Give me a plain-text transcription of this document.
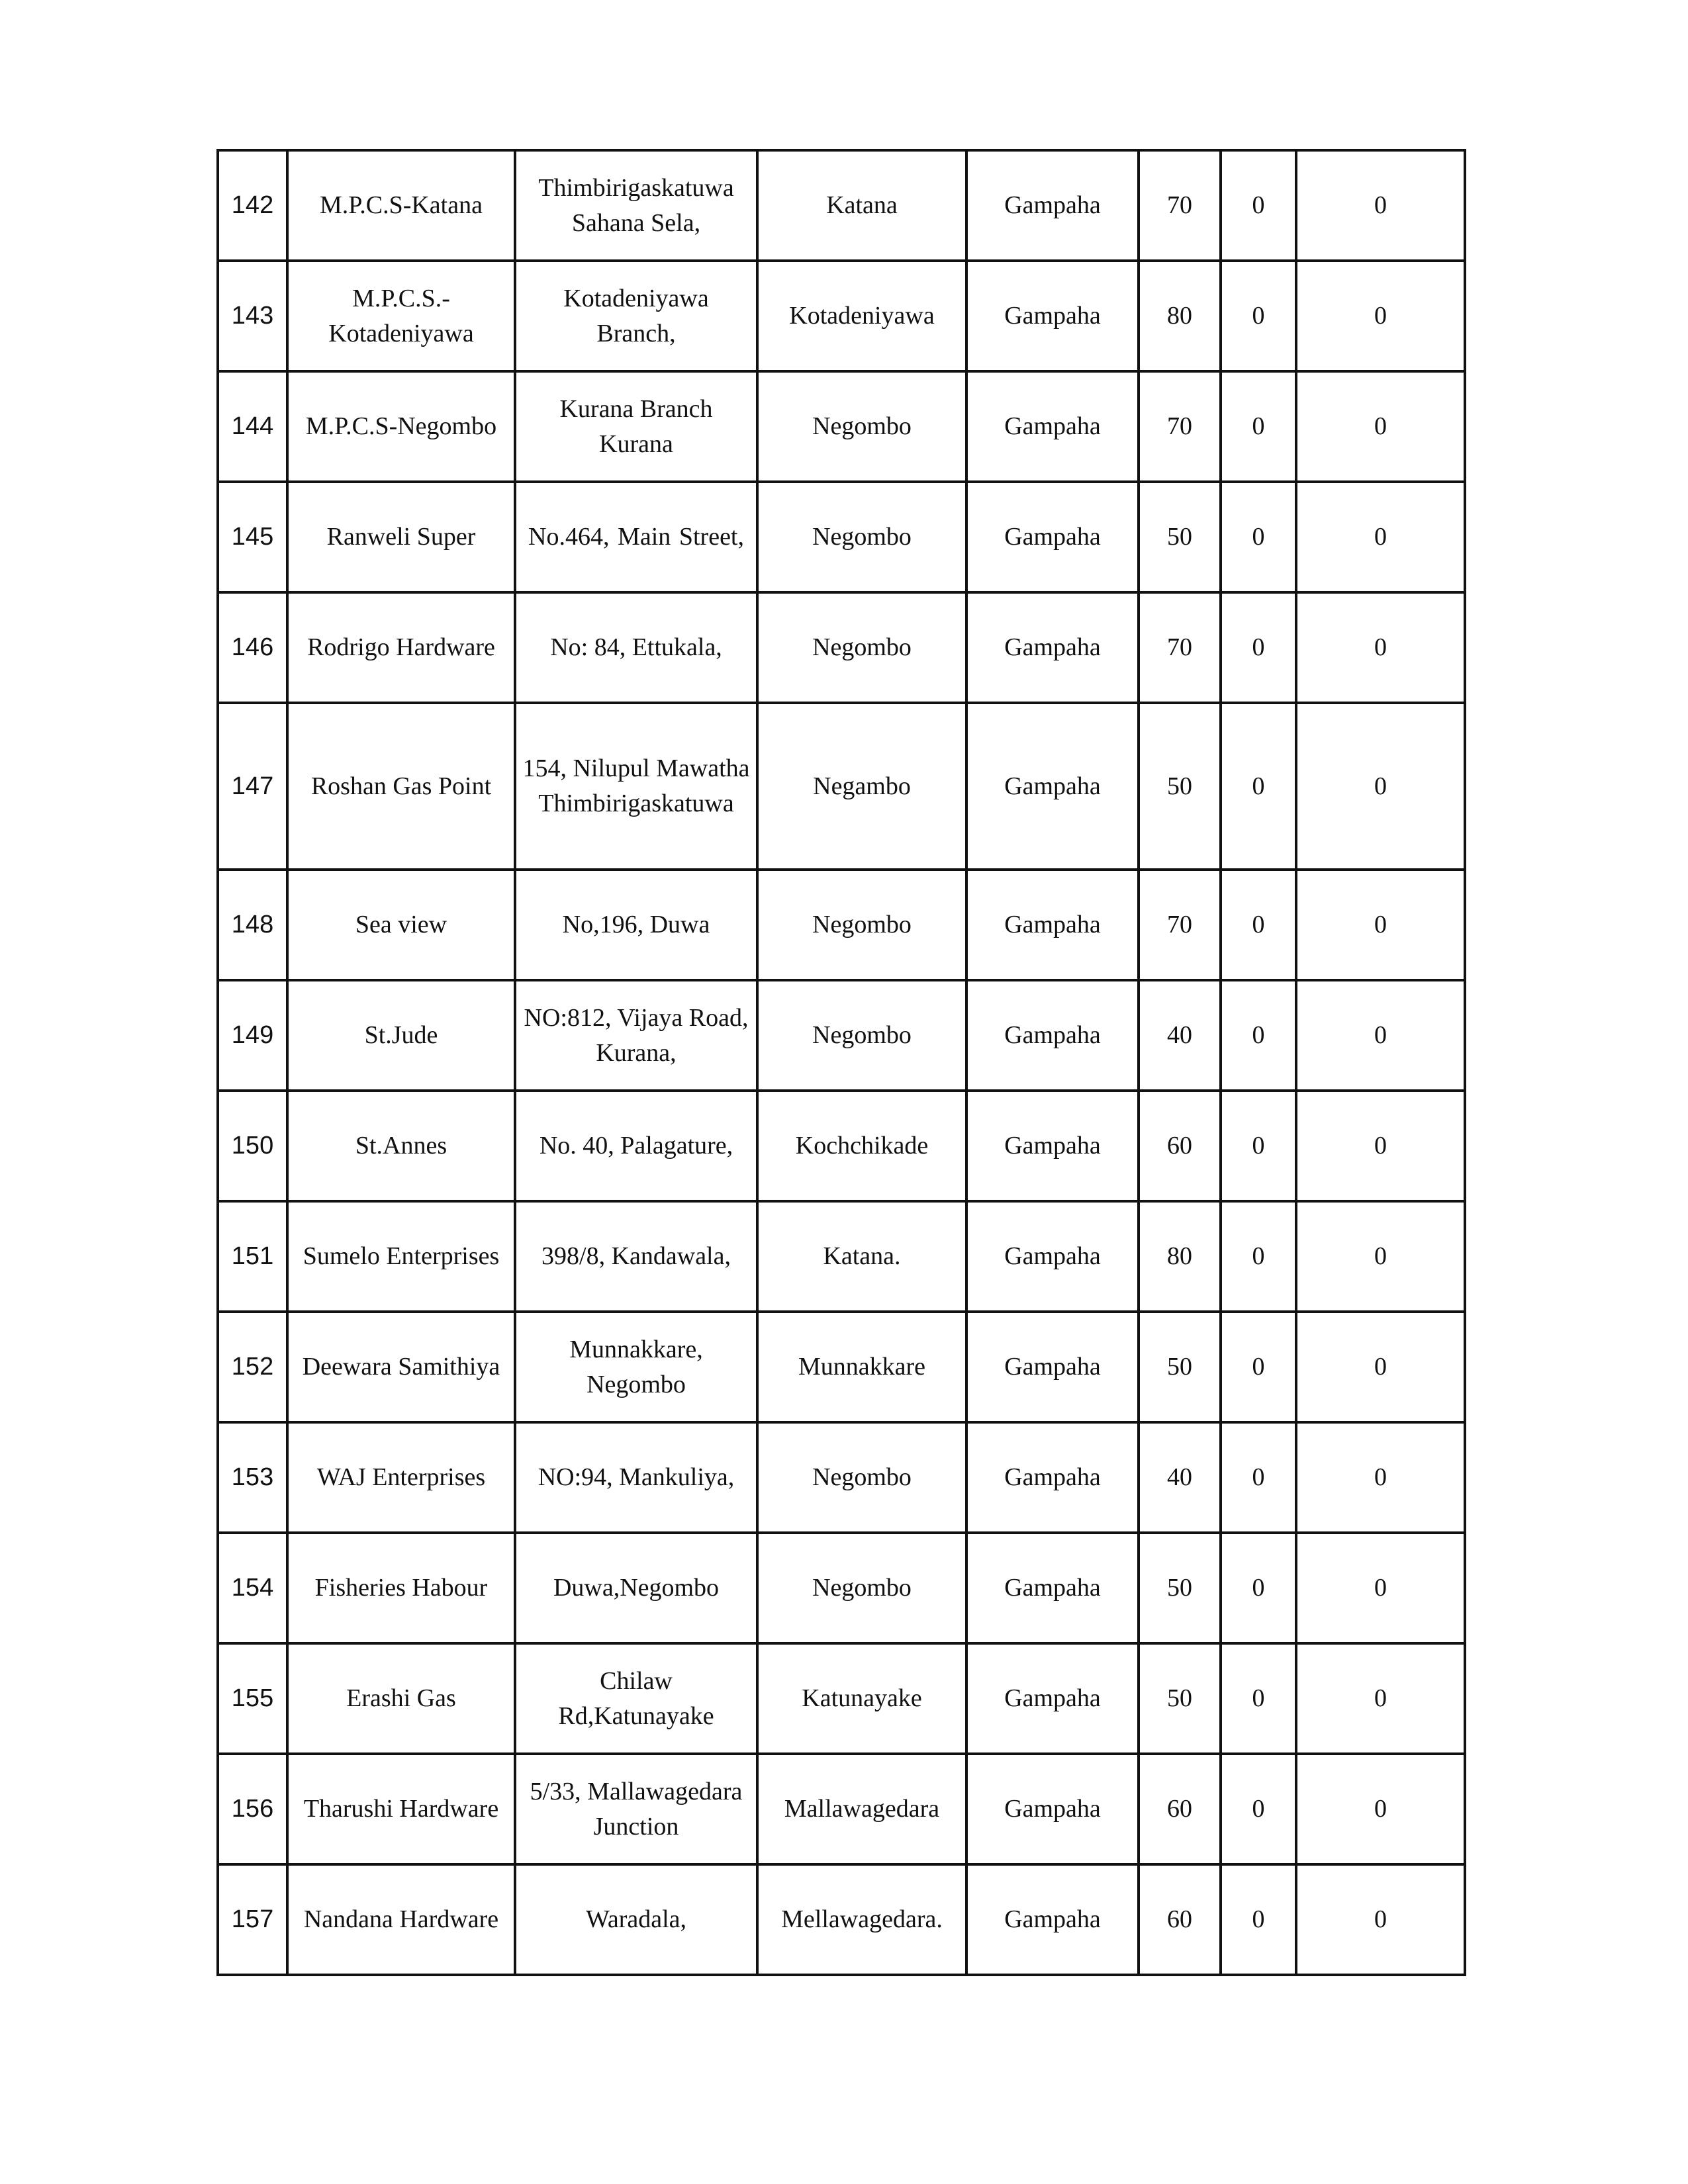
142	M.P.C.S-Katana	Thimbirigaskatuwa Sahana Sela,	Katana	Gampaha	70	0	0
143	M.P.C.S.- Kotadeniyawa	Kotadeniyawa Branch,	Kotadeniyawa	Gampaha	80	0	0
144	M.P.C.S-Negombo	Kurana Branch Kurana	Negombo	Gampaha	70	0	0
145	Ranweli Super	No.464, Main Street,	Negombo	Gampaha	50	0	0
146	Rodrigo Hardware	No: 84, Ettukala,	Negombo	Gampaha	70	0	0
147	Roshan Gas Point	154, Nilupul Mawatha Thimbirigaskatuwa	Negambo	Gampaha	50	0	0
148	Sea view	No,196, Duwa	Negombo	Gampaha	70	0	0
149	St.Jude	NO:812, Vijaya Road, Kurana,	Negombo	Gampaha	40	0	0
150	St.Annes	No. 40, Palagature,	Kochchikade	Gampaha	60	0	0
151	Sumelo Enterprises	398/8, Kandawala,	Katana.	Gampaha	80	0	0
152	Deewara Samithiya	Munnakkare, Negombo	Munnakkare	Gampaha	50	0	0
153	WAJ Enterprises	NO:94, Mankuliya,	Negombo	Gampaha	40	0	0
154	Fisheries Habour	Duwa,Negombo	Negombo	Gampaha	50	0	0
155	Erashi Gas	Chilaw Rd,Katunayake	Katunayake	Gampaha	50	0	0
156	Tharushi Hardware	5/33, Mallawagedara Junction	Mallawagedara	Gampaha	60	0	0
157	Nandana Hardware	Waradala,	Mellawagedara.	Gampaha	60	0	0
